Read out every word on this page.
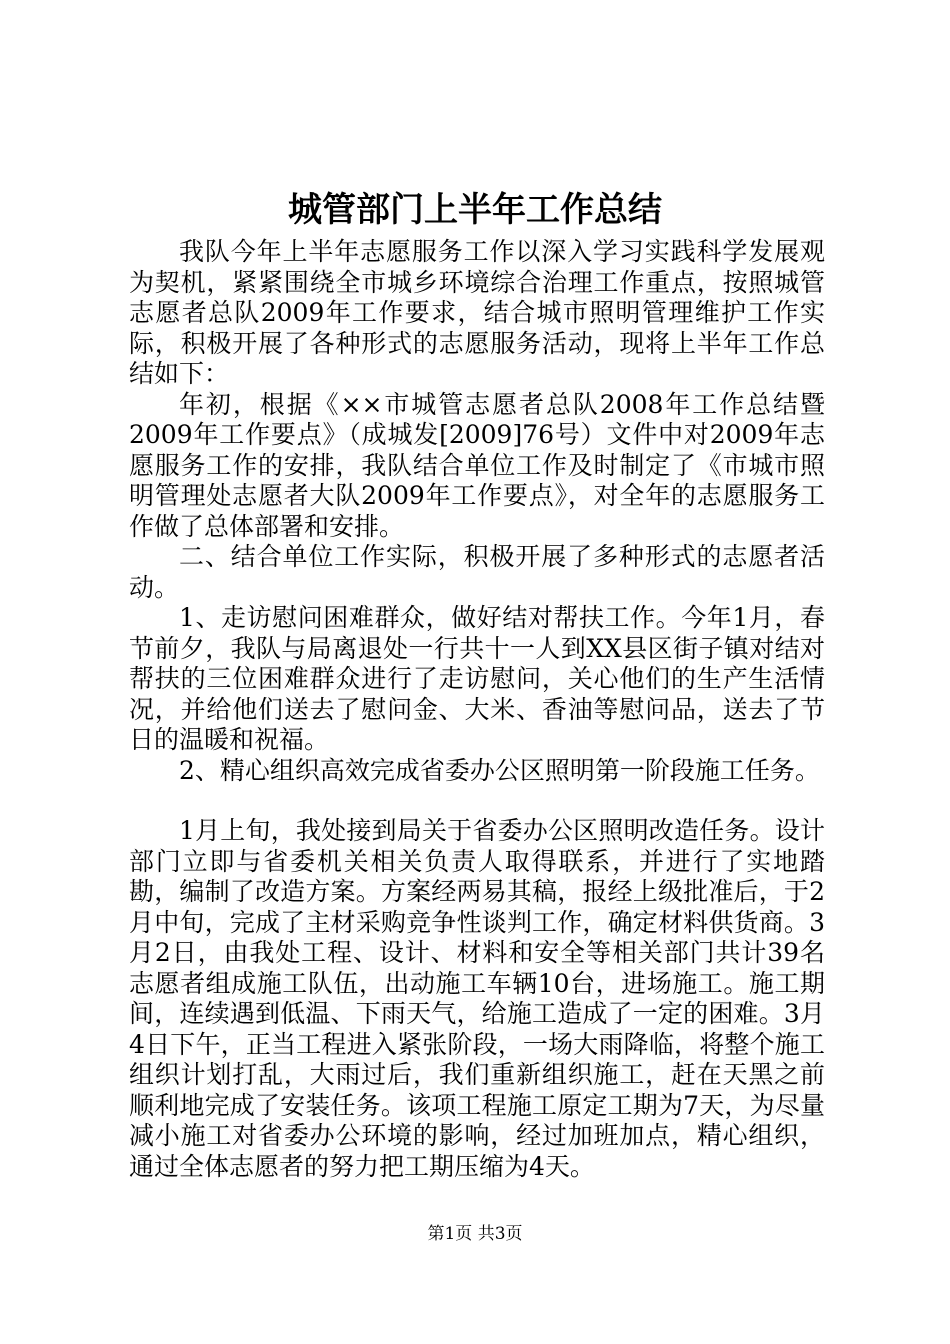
城管部门上半年工作总结

我队今年上半年志愿服务工作以深入学习实践科学发展观为契机，紧紧围绕全市城乡环境综合治理工作重点，按照城管志愿者总队2009年工作要求，结合城市照明管理维护工作实际，积极开展了各种形式的志愿服务活动，现将上半年工作总结如下：

年初，根据《××市城管志愿者总队2008年工作总结暨2009年工作要点》（成城发[2009]76号）文件中对2009年志愿服务工作的安排，我队结合单位工作及时制定了《市城市照明管理处志愿者大队2009年工作要点》，对全年的志愿服务工作做了总体部署和安排。

二、结合单位工作实际，积极开展了多种形式的志愿者活动。

1、走访慰问困难群众，做好结对帮扶工作。今年1月，春节前夕，我队与局离退处一行共十一人到XX县区街子镇对结对帮扶的三位困难群众进行了走访慰问，关心他们的生产生活情况，并给他们送去了慰问金、大米、香油等慰问品，送去了节日的温暖和祝福。

2、精心组织高效完成省委办公区照明第一阶段施工任务。

1月上旬，我处接到局关于省委办公区照明改造任务。设计部门立即与省委机关相关负责人取得联系，并进行了实地踏勘，编制了改造方案。方案经两易其稿，报经上级批准后，于2月中旬，完成了主材采购竞争性谈判工作，确定材料供货商。3月2日，由我处工程、设计、材料和安全等相关部门共计39名志愿者组成施工队伍，出动施工车辆10台，进场施工。施工期间，连续遇到低温、下雨天气，给施工造成了一定的困难。3月4日下午，正当工程进入紧张阶段，一场大雨降临，将整个施工组织计划打乱，大雨过后，我们重新组织施工，赶在天黑之前顺利地完成了安装任务。该项工程施工原定工期为7天，为尽量减小施工对省委办公环境的影响，经过加班加点，精心组织，通过全体志愿者的努力把工期压缩为4天。

第1页 共3页
